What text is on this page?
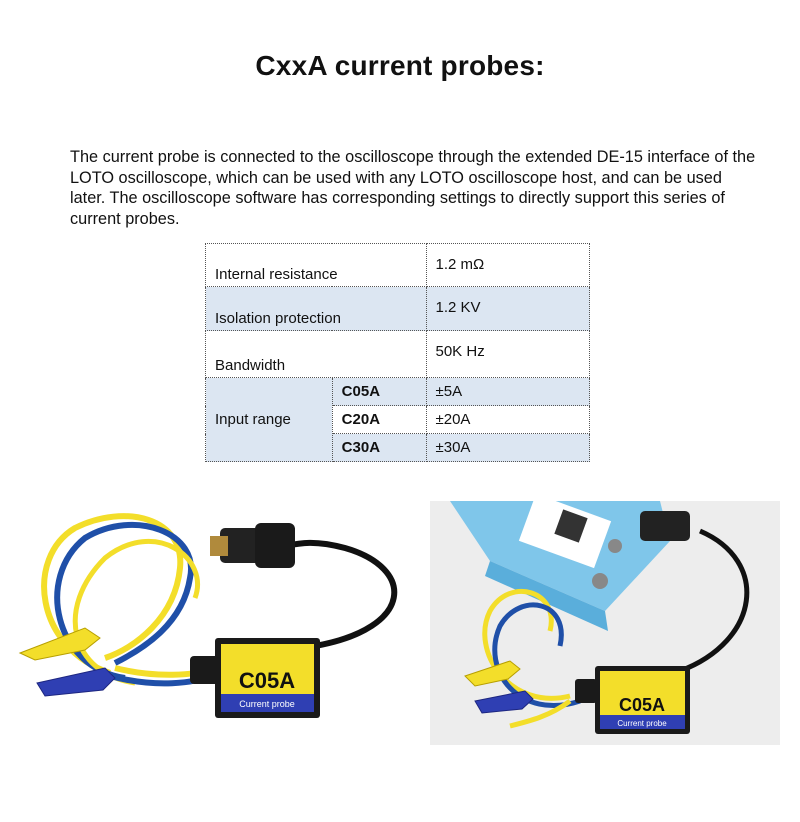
CxxA current probes:
The current probe is connected to the oscilloscope through the extended DE-15 interface of the LOTO oscilloscope, which can be used with any LOTO oscilloscope host, and can be used later. The oscilloscope software has corresponding settings to directly support this series of current probes.
Internal resistance		1.2 mΩ
Isolation protection		1.2 KV
Bandwidth		50K Hz
Input range	C05A	±5A
	C20A	±20A
	C30A	±30A
C05A
Current probe	C05A
Current probe
